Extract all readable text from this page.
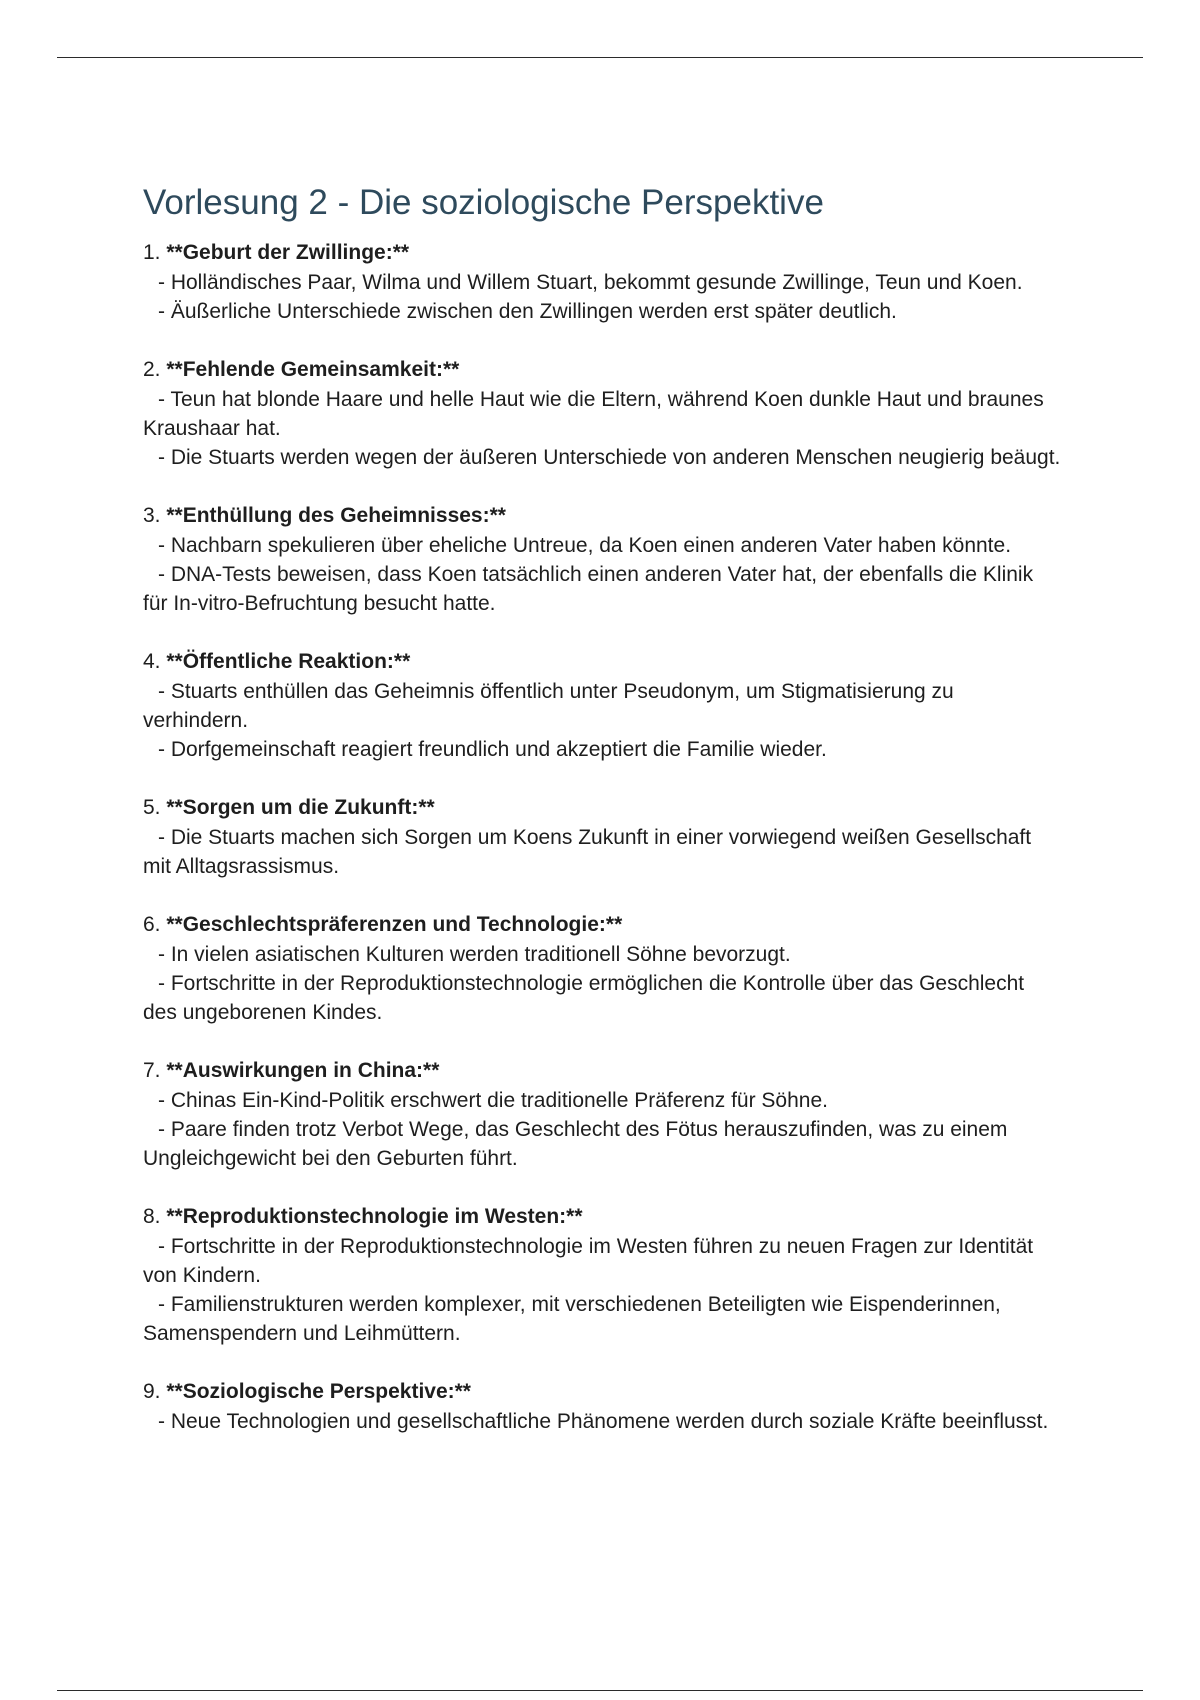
Vorlesung 2 - Die soziologische Perspektive
1. **Geburt der Zwillinge:**
- Holländisches Paar, Wilma und Willem Stuart, bekommt gesunde Zwillinge, Teun und Koen.
- Äußerliche Unterschiede zwischen den Zwillingen werden erst später deutlich.
2. **Fehlende Gemeinsamkeit:**
- Teun hat blonde Haare und helle Haut wie die Eltern, während Koen dunkle Haut und braunes Kraushaar hat.
- Die Stuarts werden wegen der äußeren Unterschiede von anderen Menschen neugierig beäugt.
3. **Enthüllung des Geheimnisses:**
- Nachbarn spekulieren über eheliche Untreue, da Koen einen anderen Vater haben könnte.
- DNA-Tests beweisen, dass Koen tatsächlich einen anderen Vater hat, der ebenfalls die Klinik für In-vitro-Befruchtung besucht hatte.
4. **Öffentliche Reaktion:**
- Stuarts enthüllen das Geheimnis öffentlich unter Pseudonym, um Stigmatisierung zu verhindern.
- Dorfgemeinschaft reagiert freundlich und akzeptiert die Familie wieder.
5. **Sorgen um die Zukunft:**
- Die Stuarts machen sich Sorgen um Koens Zukunft in einer vorwiegend weißen Gesellschaft mit Alltagsrassismus.
6. **Geschlechtspräferenzen und Technologie:**
- In vielen asiatischen Kulturen werden traditionell Söhne bevorzugt.
- Fortschritte in der Reproduktionstechnologie ermöglichen die Kontrolle über das Geschlecht des ungeborenen Kindes.
7. **Auswirkungen in China:**
- Chinas Ein-Kind-Politik erschwert die traditionelle Präferenz für Söhne.
- Paare finden trotz Verbot Wege, das Geschlecht des Fötus herauszufinden, was zu einem Ungleichgewicht bei den Geburten führt.
8. **Reproduktionstechnologie im Westen:**
- Fortschritte in der Reproduktionstechnologie im Westen führen zu neuen Fragen zur Identität von Kindern.
- Familienstrukturen werden komplexer, mit verschiedenen Beteiligten wie Eispenderinnen, Samenspendern und Leihmüttern.
9. **Soziologische Perspektive:**
- Neue Technologien und gesellschaftliche Phänomene werden durch soziale Kräfte beeinflusst.
